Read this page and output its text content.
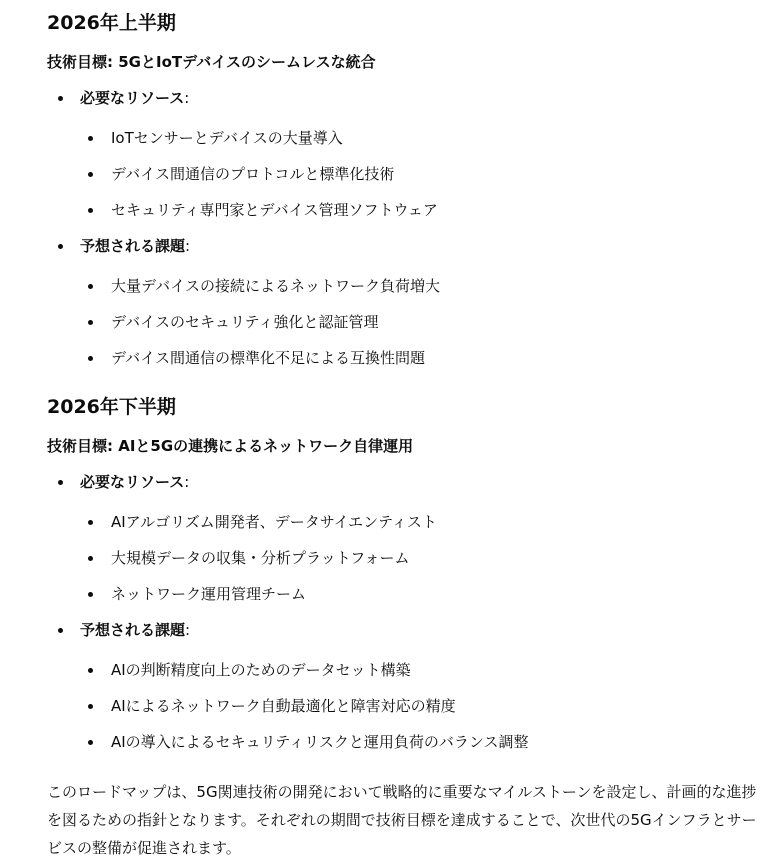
2026年上半期

技術目標: 5GとIoTデバイスのシームレスな統合

必要なリソース:
IoTセンサーとデバイスの大量導入
デバイス間通信のプロトコルと標準化技術
セキュリティ専門家とデバイス管理ソフトウェア
予想される課題:
大量デバイスの接続によるネットワーク負荷増大
デバイスのセキュリティ強化と認証管理
デバイス間通信の標準化不足による互換性問題
2026年下半期

技術目標: AIと5Gの連携によるネットワーク自律運用

必要なリソース:
AIアルゴリズム開発者、データサイエンティスト
大規模データの収集・分析プラットフォーム
ネットワーク運用管理チーム
予想される課題:
AIの判断精度向上のためのデータセット構築
AIによるネットワーク自動最適化と障害対応の精度
AIの導入によるセキュリティリスクと運用負荷のバランス調整

このロードマップは、5G関連技術の開発において戦略的に重要なマイルストーンを設定し、計画的な進捗を図るための指針となります。それぞれの期間で技術目標を達成することで、次世代の5Gインフラとサービスの整備が促進されます。
